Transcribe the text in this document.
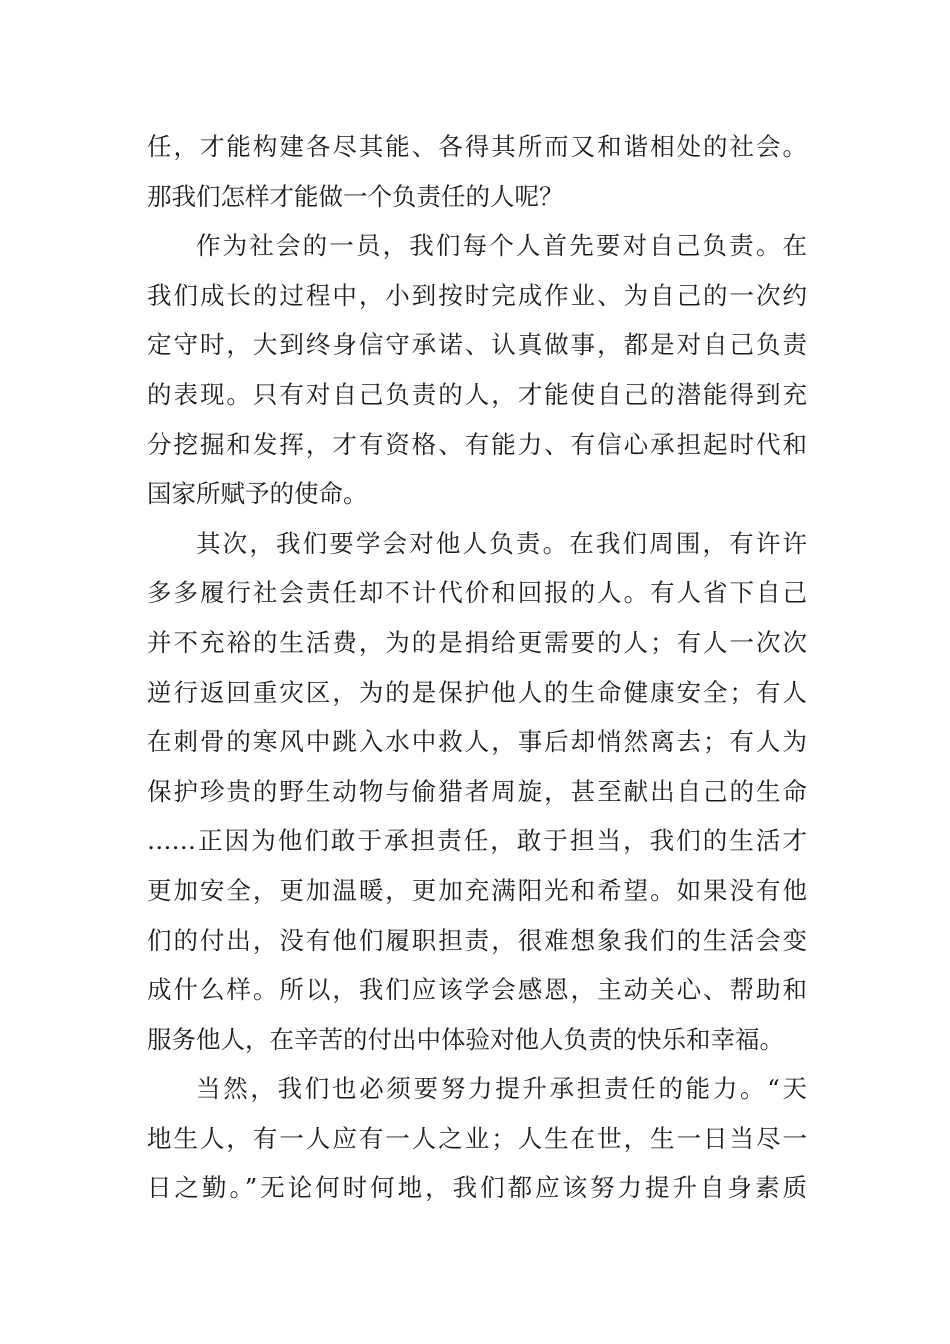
任，才能构建各尽其能、各得其所而又和谐相处的社会。
那我们怎样才能做一个负责任的人呢？
作为社会的一员，我们每个人首先要对自己负责。在
我们成长的过程中，小到按时完成作业、为自己的一次约
定守时，大到终身信守承诺、认真做事，都是对自己负责
的表现。只有对自己负责的人，才能使自己的潜能得到充
分挖掘和发挥，才有资格、有能力、有信心承担起时代和
国家所赋予的使命。
其次，我们要学会对他人负责。在我们周围，有许许
多多履行社会责任却不计代价和回报的人。有人省下自己
并不充裕的生活费，为的是捐给更需要的人；有人一次次
逆行返回重灾区，为的是保护他人的生命健康安全；有人
在刺骨的寒风中跳入水中救人，事后却悄然离去；有人为
保护珍贵的野生动物与偷猎者周旋，甚至献出自己的生命
……正因为他们敢于承担责任，敢于担当，我们的生活才
更加安全，更加温暖，更加充满阳光和希望。如果没有他
们的付出，没有他们履职担责，很难想象我们的生活会变
成什么样。所以，我们应该学会感恩，主动关心、帮助和
服务他人，在辛苦的付出中体验对他人负责的快乐和幸福。
当然，我们也必须要努力提升承担责任的能力。“天
地生人，有一人应有一人之业；人生在世，生一日当尽一
日之勤。”无论何时何地，我们都应该努力提升自身素质
